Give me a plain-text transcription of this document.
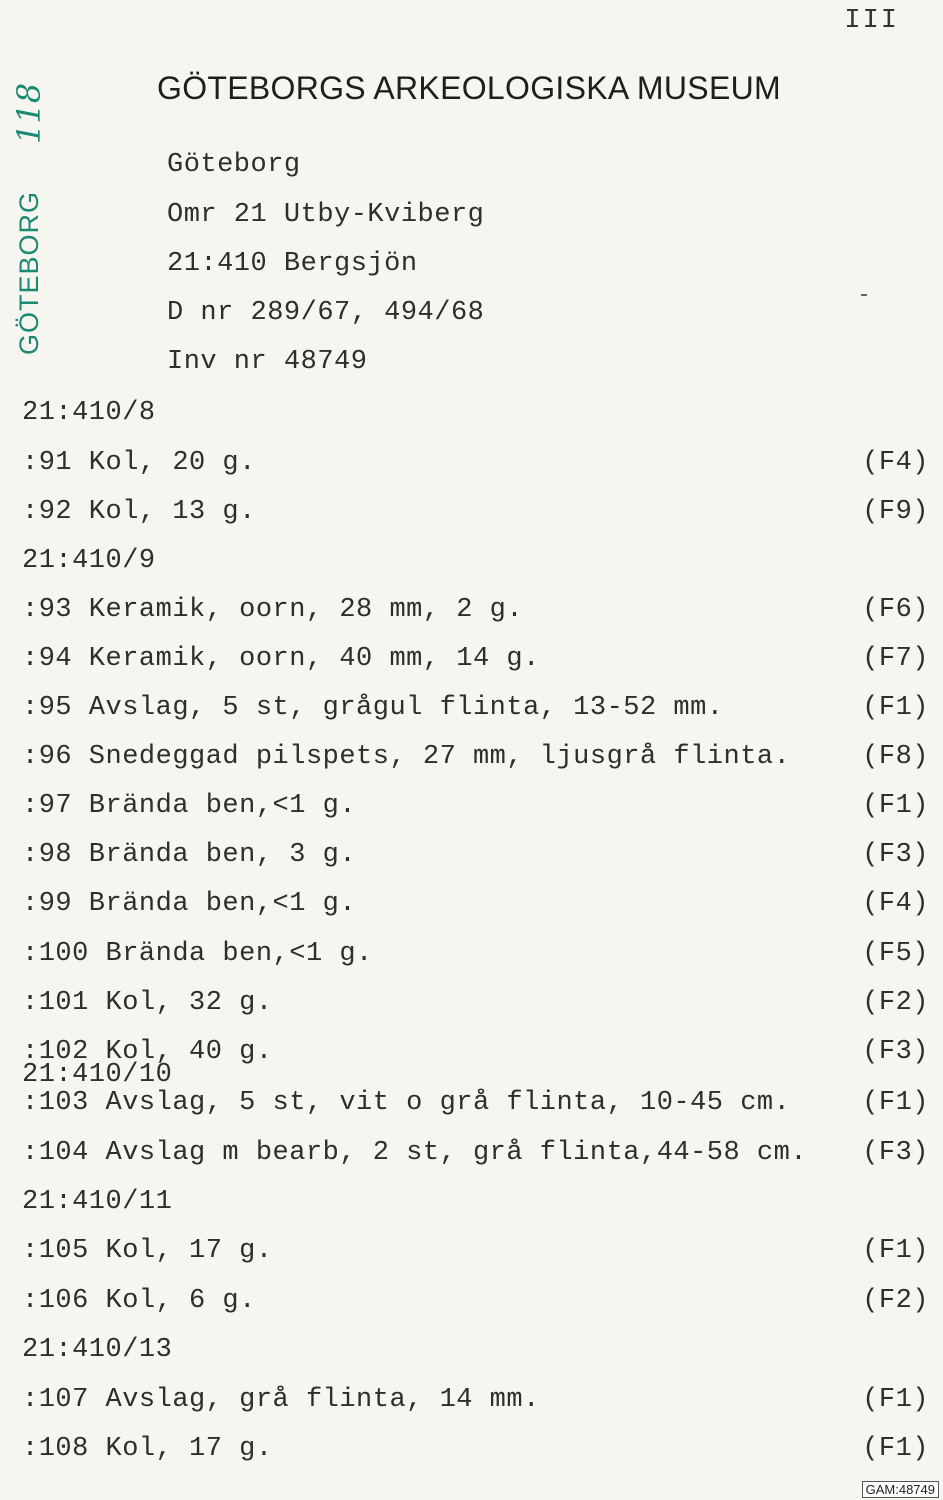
III
GÖTEBORGS ARKEOLOGISKA MUSEUM
GÖTEBORG
118
Göteborg
Omr 21 Utby-Kviberg
21:410 Bergsjön
D nr 289/67, 494/68
Inv nr 48749
21:410/8
:91 Kol, 20 g.	(F4)
:92 Kol, 13 g.	(F9)
21:410/9
:93 Keramik, oorn, 28 mm, 2 g.	(F6)
:94 Keramik, oorn, 40 mm, 14 g.	(F7)
:95 Avslag, 5 st, grågul flinta, 13-52 mm.	(F1)
:96 Snedeggad pilspets, 27 mm, ljusgrå flinta.	(F8)
:97 Brända ben,<1 g.	(F1)
:98 Brända ben, 3 g.	(F3)
:99 Brända ben,<1 g.	(F4)
:100 Brända ben,<1 g.	(F5)
:101 Kol, 32 g.	(F2)
:102 Kol, 40 g.	(F3)
21:410/10
:103 Avslag, 5 st, vit o grå flinta, 10-45 cm.	(F1)
:104 Avslag m bearb, 2 st, grå flinta,44-58 cm. (F3)
21:410/11
:105 Kol, 17 g.	(F1)
:106 Kol, 6 g.	(F2)
21:410/13
:107 Avslag, grå flinta, 14 mm.	(F1)
:108 Kol, 17 g.	(F1)
GAM:48749
